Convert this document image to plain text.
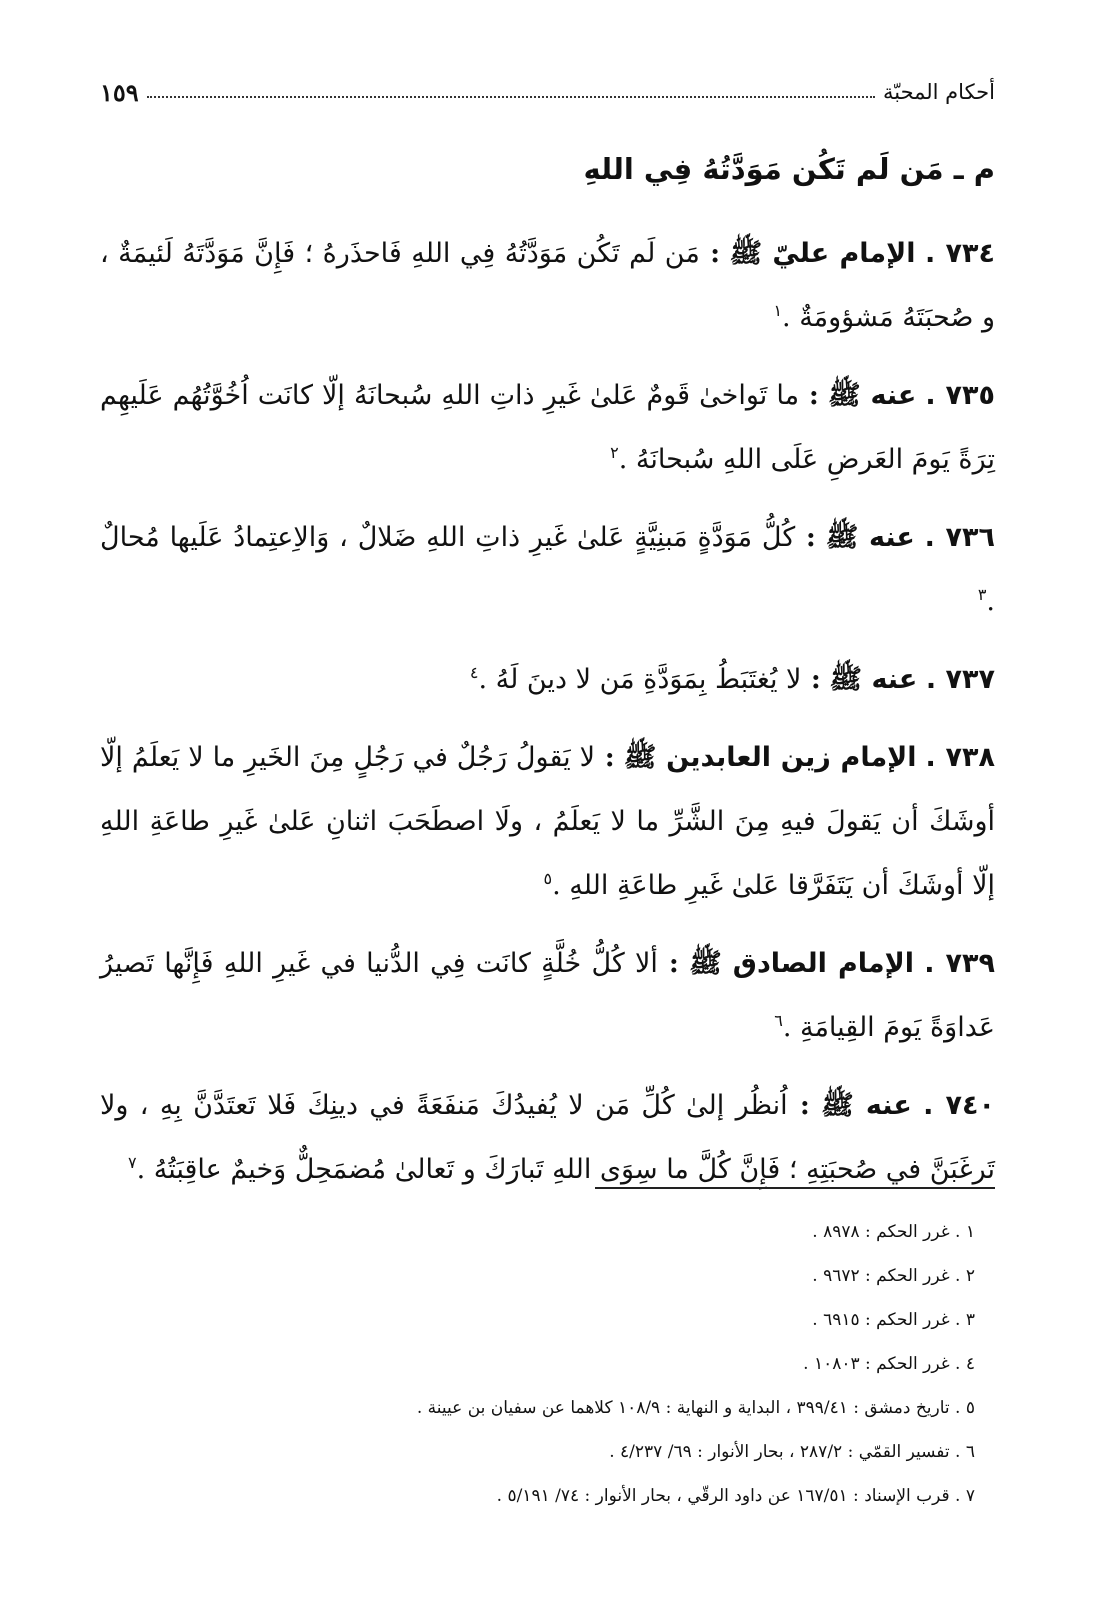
أحكام المحبّة
١٥٩
م ـ مَن لَم تَكُن مَوَدَّتُهُ فِي اللهِ

٧٣٤ . الإمام عليّ ﷺ : مَن لَم تَكُن مَوَدَّتُهُ فِي اللهِ فَاحذَرهُ ؛ فَإِنَّ مَوَدَّتَهُ لَئيمَةٌ ، و صُحبَتَهُ مَشؤومَةٌ .$^١$

٧٣٥ . عنه ﷺ : ما تَواخىٰ قَومٌ عَلىٰ غَيرِ ذاتِ اللهِ سُبحانَهُ إلّا كانَت اُخُوَّتُهُم عَلَيهِم تِرَةً يَومَ العَرضِ عَلَى اللهِ سُبحانَهُ .$^٢$

٧٣٦ . عنه ﷺ : كُلُّ مَوَدَّةٍ مَبنِيَّةٍ عَلىٰ غَيرِ ذاتِ اللهِ ضَلالٌ ، وَالاِعتِمادُ عَلَيها مُحالٌ .$^٣$

٧٣٧ . عنه ﷺ : لا يُغتَبَطُ بِمَوَدَّةِ مَن لا دينَ لَهُ .$^٤$

٧٣٨ . الإمام زين العابدين ﷺ : لا يَقولُ رَجُلٌ في رَجُلٍ مِنَ الخَيرِ ما لا يَعلَمُ إلّا أوشَكَ أن يَقولَ فيهِ مِنَ الشَّرِّ ما لا يَعلَمُ ، ولَا اصطَحَبَ اثنانِ عَلىٰ غَيرِ طاعَةِ اللهِ إلّا أوشَكَ أن يَتَفَرَّقا عَلىٰ غَيرِ طاعَةِ اللهِ .$^٥$

٧٣٩ . الإمام الصادق ﷺ : ألا كُلُّ خُلَّةٍ كانَت فِي الدُّنيا في غَيرِ اللهِ فَإِنَّها تَصيرُ عَداوَةً يَومَ القِيامَةِ .$^٦$

٧٤٠ . عنه ﷺ : اُنظُر إلىٰ كُلِّ مَن لا يُفيدُكَ مَنفَعَةً في دينِكَ فَلا تَعتَدَّنَّ بِهِ ، ولا تَرغَبَنَّ في صُحبَتِهِ ؛ فَإِنَّ كُلَّ ما سِوَى اللهِ تَبارَكَ و تَعالىٰ مُضمَحِلٌّ وَخيمٌ عاقِبَتُهُ .$^٧$

١ . غرر الحكم : ٨٩٧٨ .
٢ . غرر الحكم : ٩٦٧٢ .
٣ . غرر الحكم : ٦٩١٥ .
٤ . غرر الحكم : ١٠٨٠٣ .
٥ . تاريخ دمشق : ٣٩٩/٤١ ، البداية و النهاية : ١٠٨/٩ كلاهما عن سفيان بن عيينة .
٦ . تفسير القمّي : ٢٨٧/٢ ، بحار الأنوار : ٦٩/ ٤/٢٣٧ .
٧ . قرب الإسناد : ١٦٧/٥١ عن داود الرقّي ، بحار الأنوار : ٧٤/ ٥/١٩١ .
